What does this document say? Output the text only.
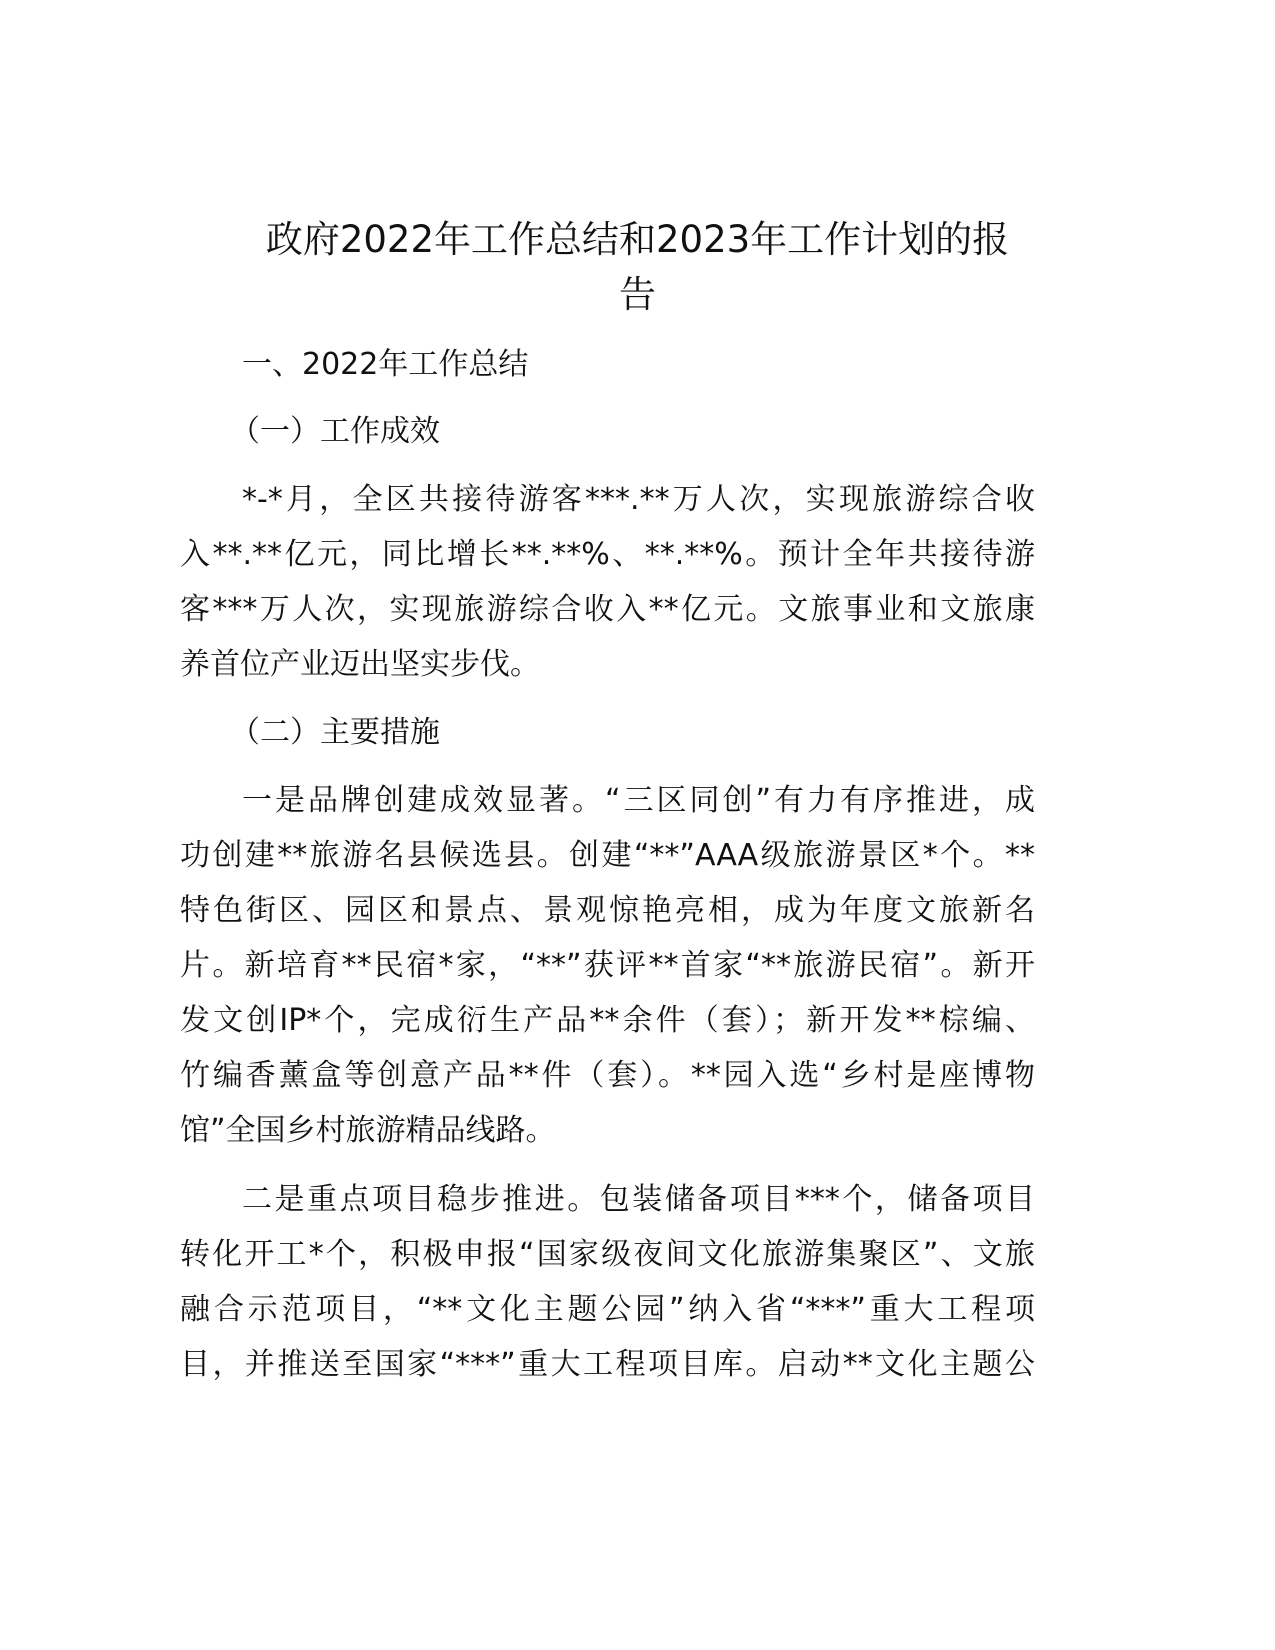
政府2022年工作总结和2023年工作计划的报
告
一、2022年工作总结
（一）工作成效
*-*月，全区共接待游客***.**万人次，实现旅游综合收
入**.**亿元，同比增长**.**%、**.**%。预计全年共接待游
客***万人次，实现旅游综合收入**亿元。文旅事业和文旅康
养首位产业迈出坚实步伐。
（二）主要措施
一是品牌创建成效显著。“三区同创”有力有序推进，成
功创建**旅游名县候选县。创建“**”AAA级旅游景区*个。**
特色街区、园区和景点、景观惊艳亮相，成为年度文旅新名
片。新培育**民宿*家，“**”获评**首家“**旅游民宿”。新开
发文创IP*个，完成衍生产品**余件（套）；新开发**棕编、
竹编香薰盒等创意产品**件（套）。**园入选“乡村是座博物
馆”全国乡村旅游精品线路。
二是重点项目稳步推进。包装储备项目***个，储备项目
转化开工*个，积极申报“国家级夜间文化旅游集聚区”、文旅
融合示范项目，“**文化主题公园”纳入省“***”重大工程项
目，并推送至国家“***”重大工程项目库。启动**文化主题公
